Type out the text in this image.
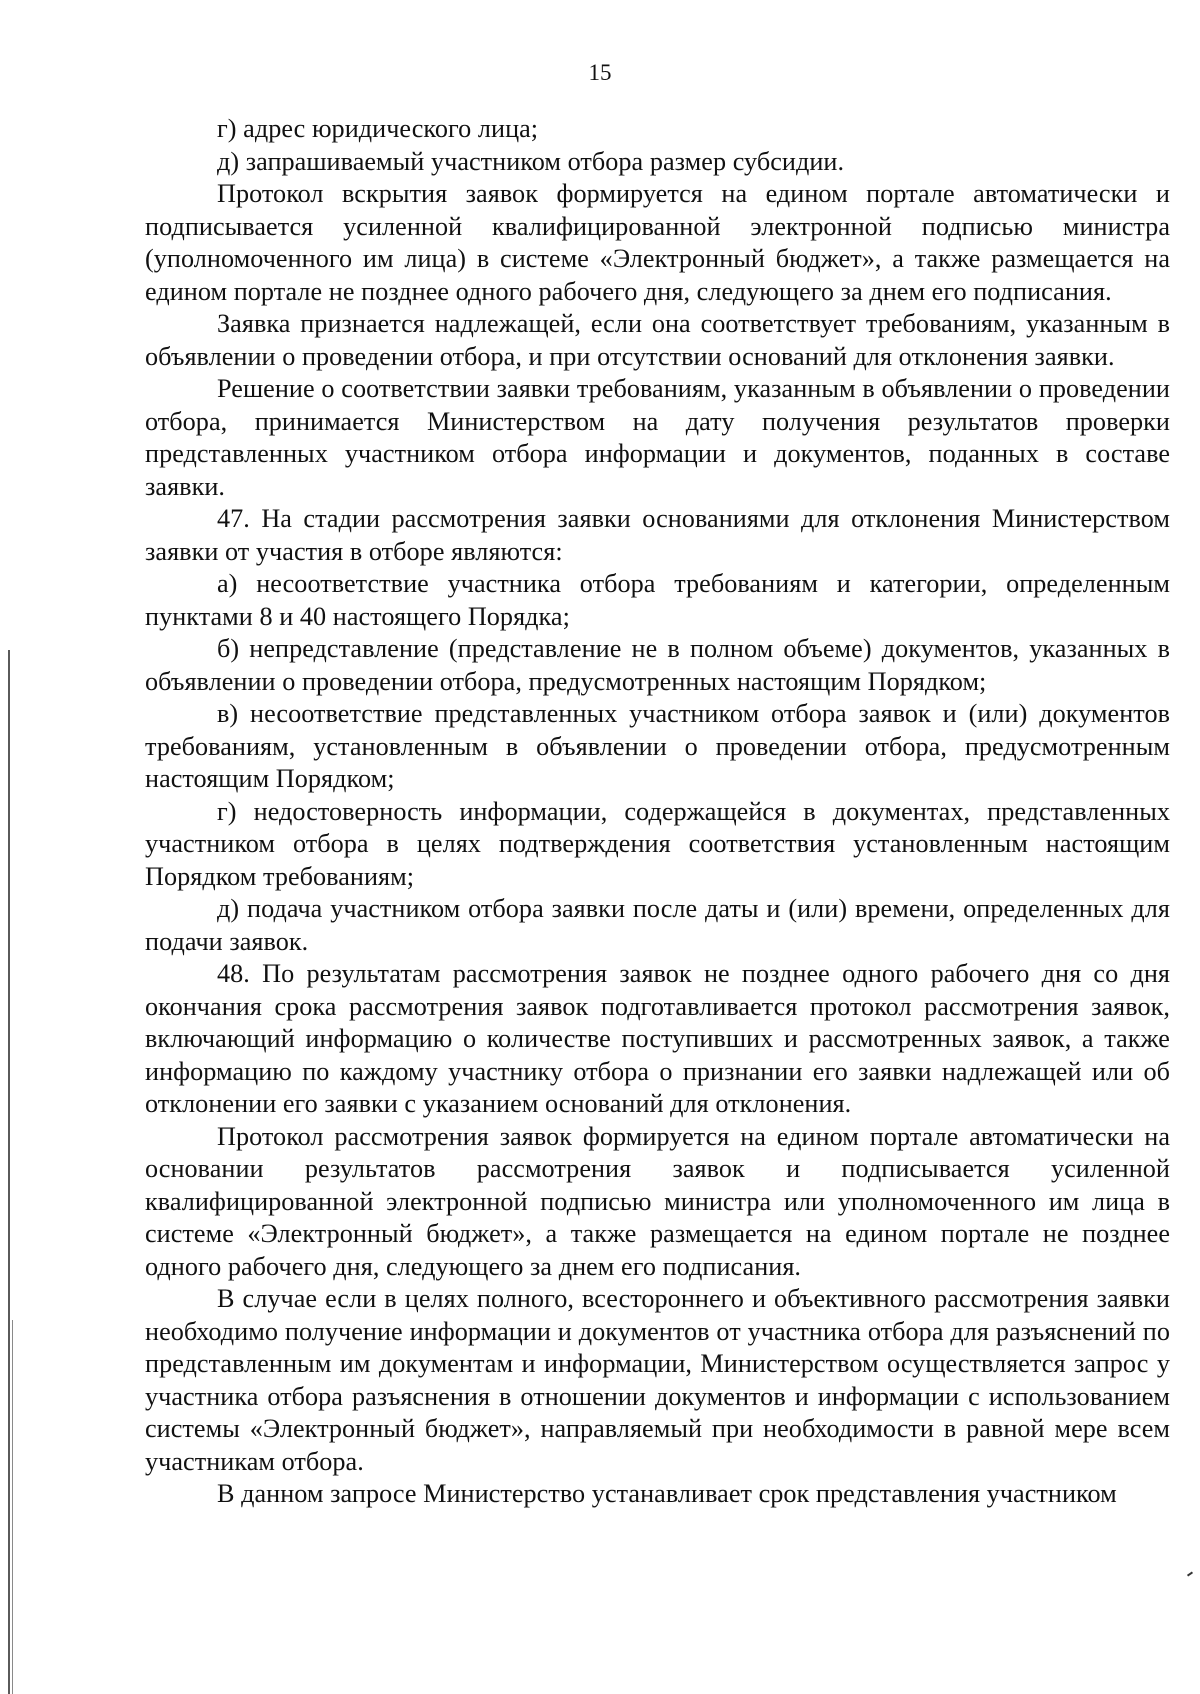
15

г) адрес юридического лица;

д) запрашиваемый участником отбора размер субсидии.

Протокол вскрытия заявок формируется на едином портале автоматически и подписывается усиленной квалифицированной электронной подписью министра (уполномоченного им лица) в системе «Электронный бюджет», а также размещается на едином портале не позднее одного рабочего дня, следующего за днем его подписания.

Заявка признается надлежащей, если она соответствует требованиям, указанным в объявлении о проведении отбора, и при отсутствии оснований для отклонения заявки.

Решение о соответствии заявки требованиям, указанным в объявлении о проведении отбора, принимается Министерством на дату получения результатов проверки представленных участником отбора информации и документов, поданных в составе заявки.

47. На стадии рассмотрения заявки основаниями для отклонения Министерством заявки от участия в отборе являются:

а) несоответствие участника отбора требованиям и категории, определенным пунктами 8 и 40 настоящего Порядка;

б) непредставление (представление не в полном объеме) документов, указанных в объявлении о проведении отбора, предусмотренных настоящим Порядком;

в) несоответствие представленных участником отбора заявок и (или) документов требованиям, установленным в объявлении о проведении отбора, предусмотренным настоящим Порядком;

г) недостоверность информации, содержащейся в документах, представленных участником отбора в целях подтверждения соответствия установленным настоящим Порядком требованиям;

д) подача участником отбора заявки после даты и (или) времени, определенных для подачи заявок.

48. По результатам рассмотрения заявок не позднее одного рабочего дня со дня окончания срока рассмотрения заявок подготавливается протокол рассмотрения заявок, включающий информацию о количестве поступивших и рассмотренных заявок, а также информацию по каждому участнику отбора о признании его заявки надлежащей или об отклонении его заявки с указанием оснований для отклонения.

Протокол рассмотрения заявок формируется на едином портале автоматически на основании результатов рассмотрения заявок и подписывается усиленной квалифицированной электронной подписью министра или уполномоченного им лица в системе «Электронный бюджет», а также размещается на едином портале не позднее одного рабочего дня, следующего за днем его подписания.

В случае если в целях полного, всестороннего и объективного рассмотрения заявки необходимо получение информации и документов от участника отбора для разъяснений по представленным им документам и информации, Министерством осуществляется запрос у участника отбора разъяснения в отношении документов и информации с использованием системы «Электронный бюджет», направляемый при необходимости в равной мере всем участникам отбора.

В данном запросе Министерство устанавливает срок представления участником
